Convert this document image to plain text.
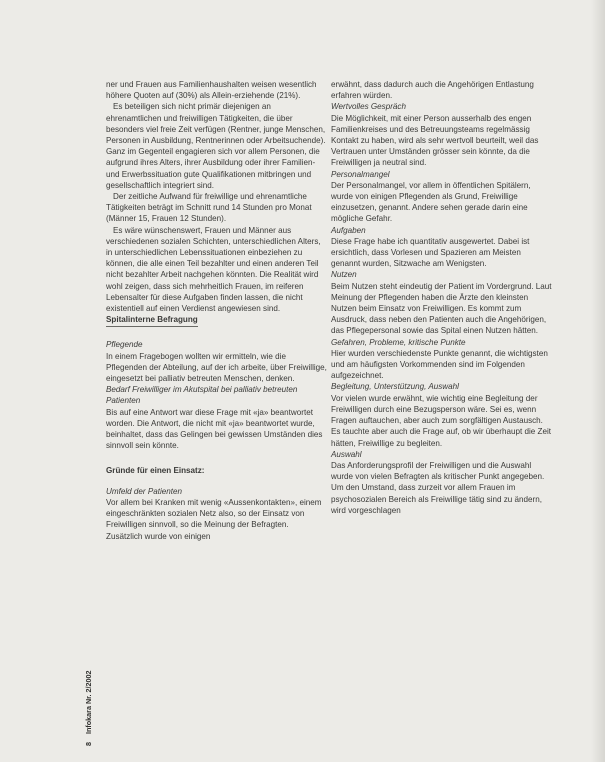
ner und Frauen aus Familienhaushalten weisen wesentlich höhere Quoten auf (30%) als Allein-erziehende (21%).

Es beteiligen sich nicht primär diejenigen an ehrenamtlichen und freiwilligen Tätigkeiten, die über besonders viel freie Zeit verfügen (Rentner, junge Menschen, Personen in Ausbildung, Rentnerinnen oder Arbeitsuchende). Ganz im Gegenteil engagieren sich vor allem Personen, die aufgrund ihres Alters, ihrer Ausbildung oder ihrer Familien- und Erwerbssituation gute Qualifikationen mitbringen und gesellschaftlich integriert sind.

Der zeitliche Aufwand für freiwillige und ehrenamtliche Tätigkeiten beträgt im Schnitt rund 14 Stunden pro Monat (Männer 15, Frauen 12 Stunden).

Es wäre wünschenswert, Frauen und Männer aus verschiedenen sozialen Schichten, unterschiedlichen Alters, in unterschiedlichen Lebenssituationen einbeziehen zu können, die alle einen Teil bezahlter und einen anderen Teil nicht bezahlter Arbeit nachgehen könnten. Die Realität wird wohl zeigen, dass sich mehrheitlich Frauen, im reiferen Lebensalter für diese Aufgaben finden lassen, die nicht existentiell auf einen Verdienst angewiesen sind.

Spitalinterne Befragung

Pflegende

In einem Fragebogen wollten wir ermitteln, wie die Pflegenden der Abteilung, auf der ich arbeite, über Freiwillige, eingesetzt bei palliativ betreuten Menschen, denken.

Bedarf Freiwilliger im Akutspital bei palliativ betreuten Patienten

Bis auf eine Antwort war diese Frage mit «ja» beantwortet worden. Die Antwort, die nicht mit «ja» beantwortet wurde, beinhaltet, dass das Gelingen bei gewissen Umständen dies sinnvoll sein könnte.

Gründe für einen Einsatz:

Umfeld der Patienten

Vor allem bei Kranken mit wenig «Aussenkontakten», einem eingeschränkten sozialen Netz also, so der Einsatz von Freiwilligen sinnvoll, so die Meinung der Befragten. Zusätzlich wurde von einigen

erwähnt, dass dadurch auch die Angehörigen Entlastung erfahren würden.

Wertvolles Gespräch

Die Möglichkeit, mit einer Person ausserhalb des engen Familienkreises und des Betreuungsteams regelmässig Kontakt zu haben, wird als sehr wertvoll beurteilt, weil das Vertrauen unter Umständen grösser sein könnte, da die Freiwilligen ja neutral sind.

Personalmangel

Der Personalmangel, vor allem in öffentlichen Spitälern, wurde von einigen Pflegenden als Grund, Freiwillige einzusetzen, genannt. Andere sehen gerade darin eine mögliche Gefahr.

Aufgaben

Diese Frage habe ich quantitativ ausgewertet. Dabei ist ersichtlich, dass Vorlesen und Spazieren am Meisten genannt wurden, Sitzwache am Wenigsten.

Nutzen

Beim Nutzen steht eindeutig der Patient im Vordergrund. Laut Meinung der Pflegenden haben die Ärzte den kleinsten Nutzen beim Einsatz von Freiwilligen. Es kommt zum Ausdruck, dass neben den Patienten auch die Angehörigen, das Pflegepersonal sowie das Spital einen Nutzen hätten.

Gefahren, Probleme, kritische Punkte

Hier wurden verschiedenste Punkte genannt, die wichtigsten und am häufigsten Vorkommenden sind im Folgenden aufgezeichnet.

Begleitung, Unterstützung, Auswahl

Vor vielen wurde erwähnt, wie wichtig eine Begleitung der Freiwilligen durch eine Bezugsperson wäre. Sei es, wenn Fragen auftauchen, aber auch zum sorgfältigen Austausch. Es tauchte aber auch die Frage auf, ob wir überhaupt die Zeit hätten, Freiwillige zu begleiten.

Auswahl

Das Anforderungsprofil der Freiwilligen und die Auswahl wurde von vielen Befragten als kritischer Punkt angegeben. Um den Umstand, dass zurzeit vor allem Frauen im psychosozialen Bereich als Freiwillige tätig sind zu ändern, wird vorgeschlagen

8    Infokara Nr. 2/2002
